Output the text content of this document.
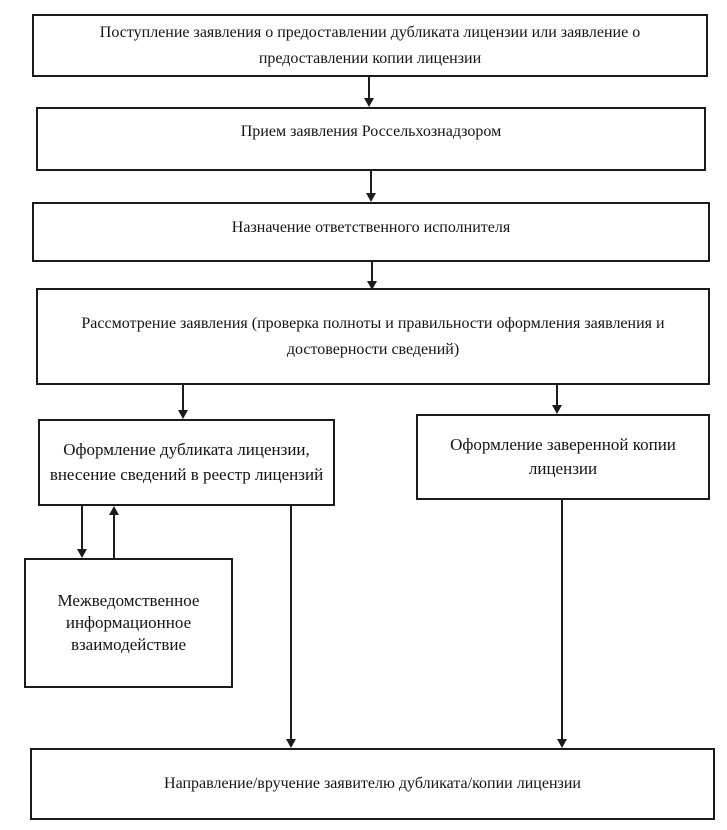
Поступление заявления о предоставлении дубликата лицензии или заявление о предоставлении копии лицензии
Прием заявления Россельхознадзором
Назначение ответственного исполнителя
Рассмотрение заявления (проверка полноты и правильности оформления заявления и достоверности сведений)
Оформление дубликата лицензии,
внесение сведений в реестр лицензий
Оформление заверенной копии
лицензии
Межведомственное
информационное
взаимодействие
Направление/вручение заявителю дубликата/копии лицензии
